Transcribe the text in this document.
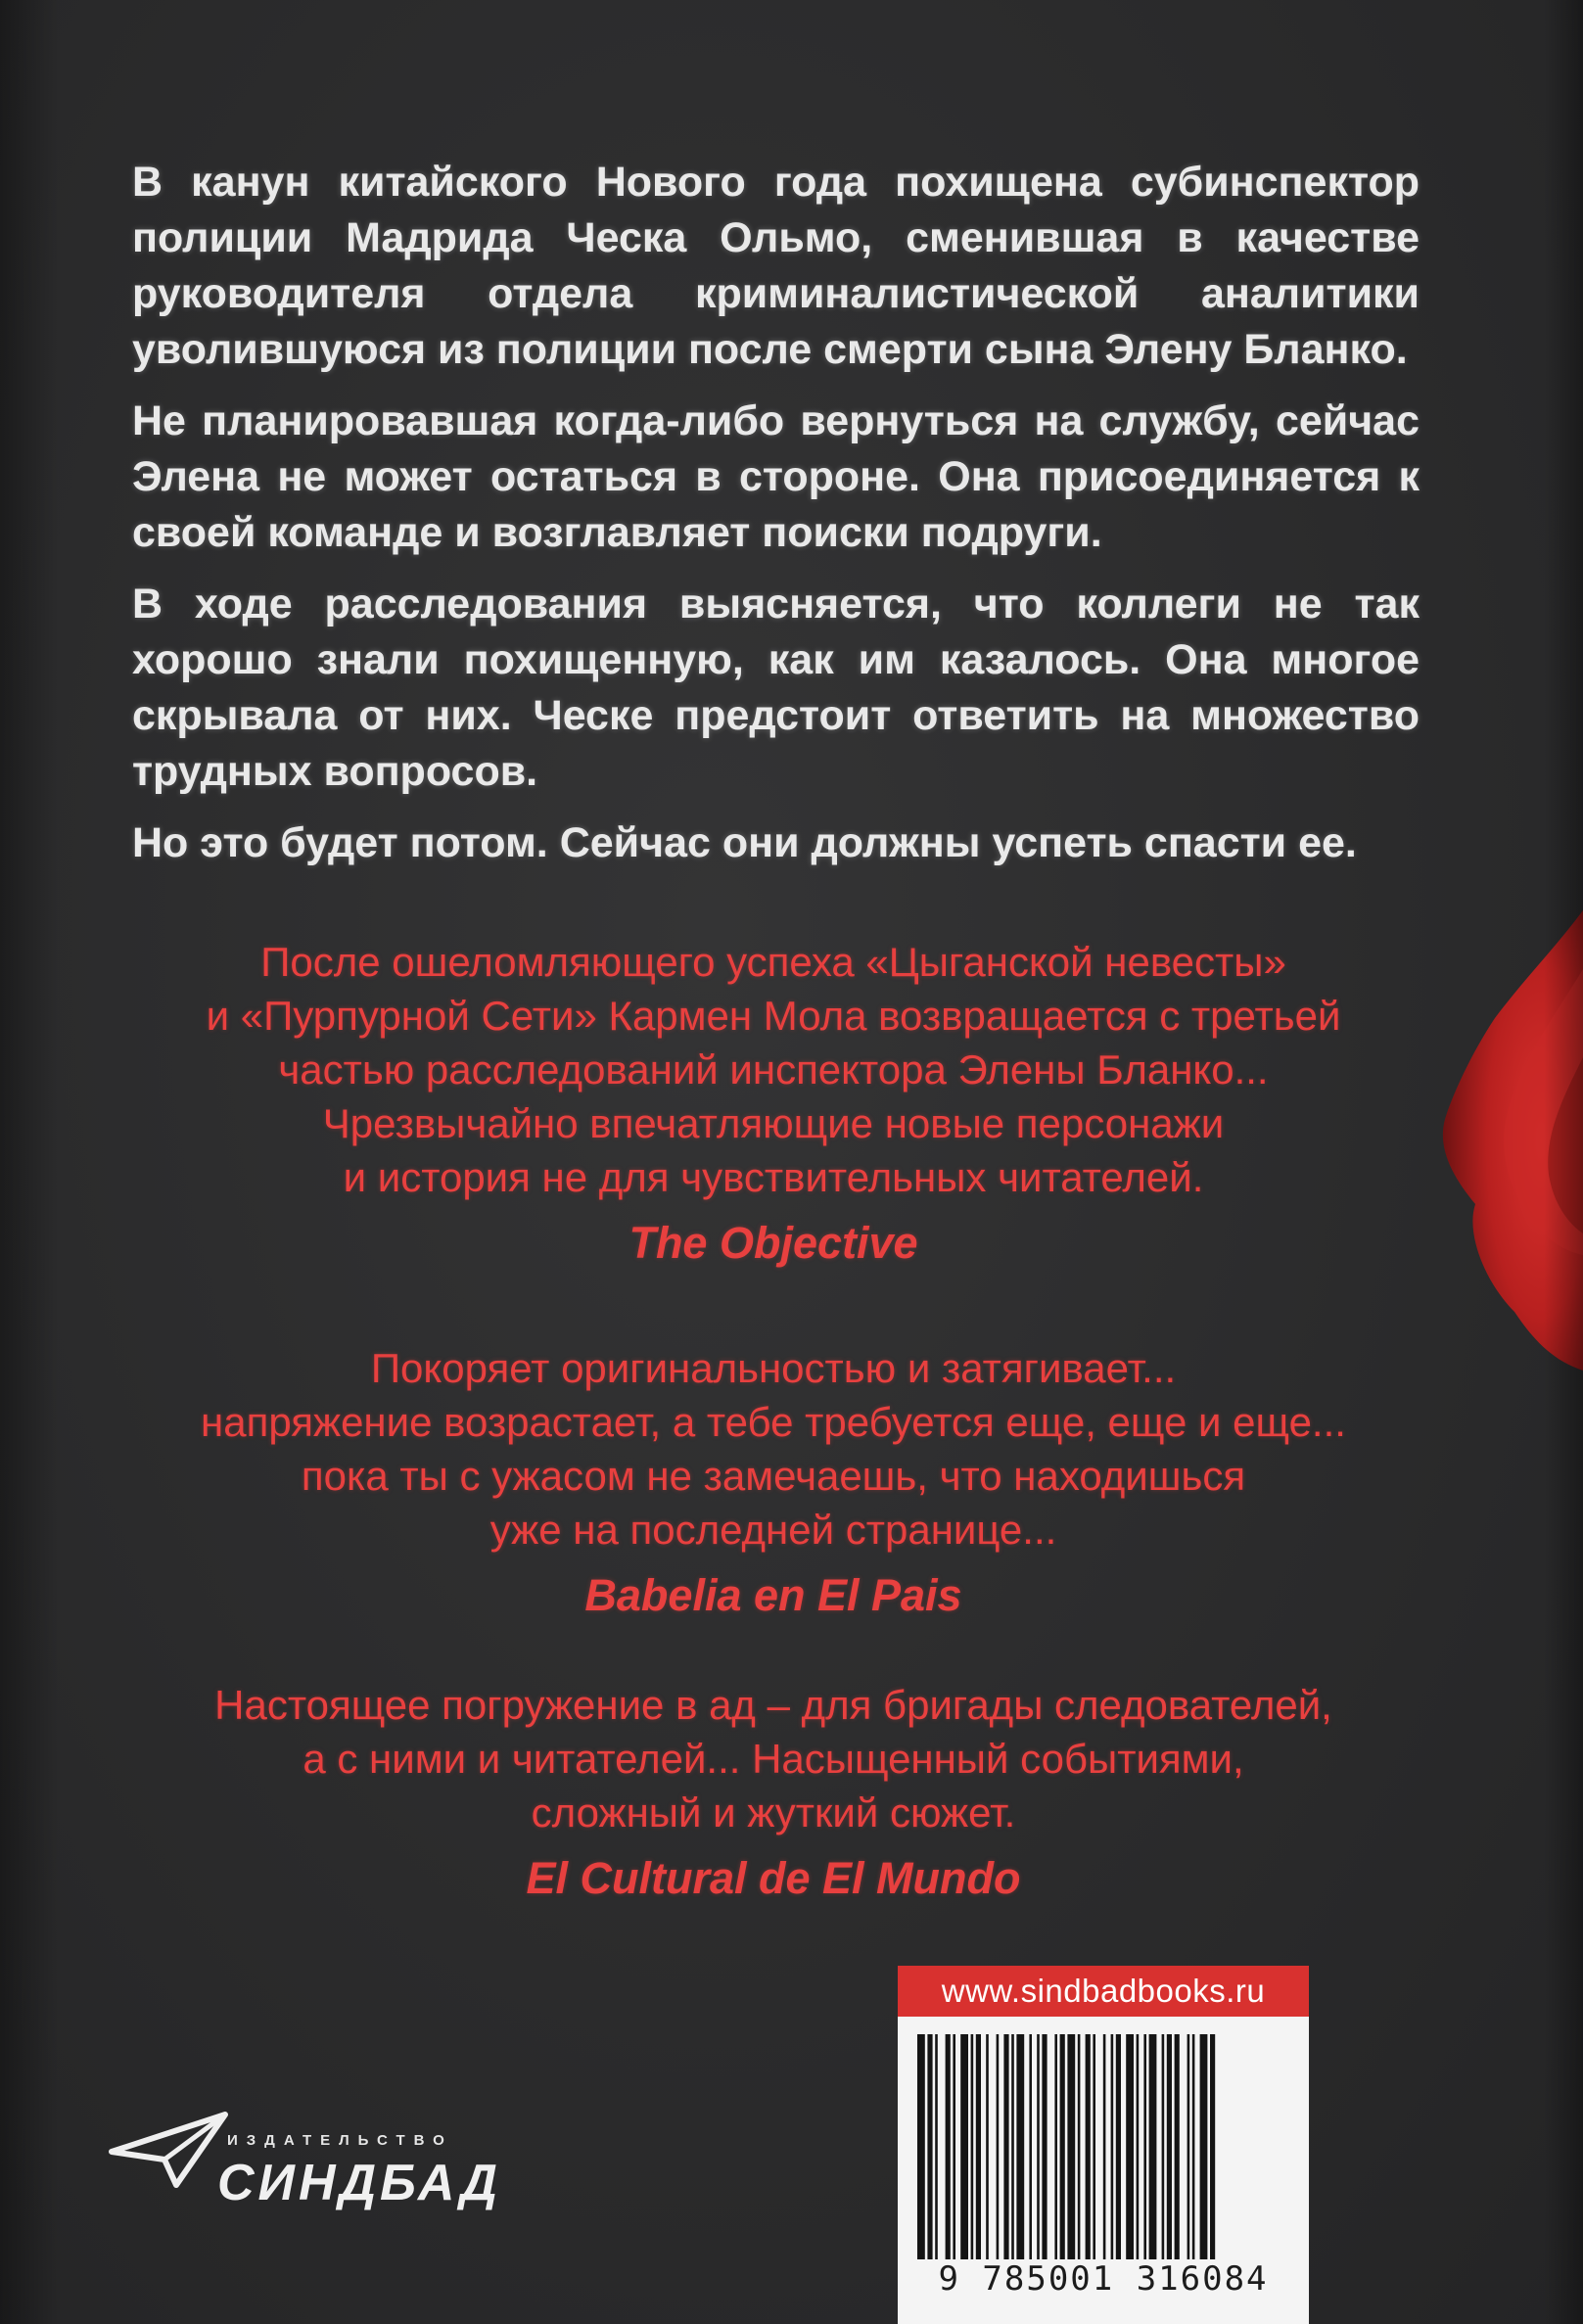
В канун китайского Нового года похищена субинспектор полиции Мадрида Ческа Ольмо, сменившая в качестве руководителя отдела криминалистической аналитики уволившуюся из полиции после смерти сына Элену Бланко.

Не планировавшая когда-либо вернуться на службу, сейчас Элена не может остаться в стороне. Она присоединяется к своей команде и возглавляет поиски подруги.

В ходе расследования выясняется, что коллеги не так хорошо знали похищенную, как им казалось. Она многое скрывала от них. Ческе предстоит ответить на множество трудных вопросов.

Но это будет потом. Сейчас они должны успеть спасти ее.

После ошеломляющего успеха «Цыганской невесты»
и «Пурпурной Сети» Кармен Мола возвращается с третьей
частью расследований инспектора Элены Бланко...
Чрезвычайно впечатляющие новые персонажи
и история не для чувствительных читателей.
The Objective
Покоряет оригинальностью и затягивает...
напряжение возрастает, а тебе требуется еще, еще и еще...
пока ты с ужасом не замечаешь, что находишься
уже на последней странице...
Babelia en El Pais
Настоящее погружение в ад – для бригады следователей,
а с ними и читателей... Насыщенный событиями,
сложный и жуткий сюжет.
El Cultural de El Mundo
ИЗДАТЕЛЬСТВО
СИНДБАД
www.sindbadbooks.ru
9 785001 316084
